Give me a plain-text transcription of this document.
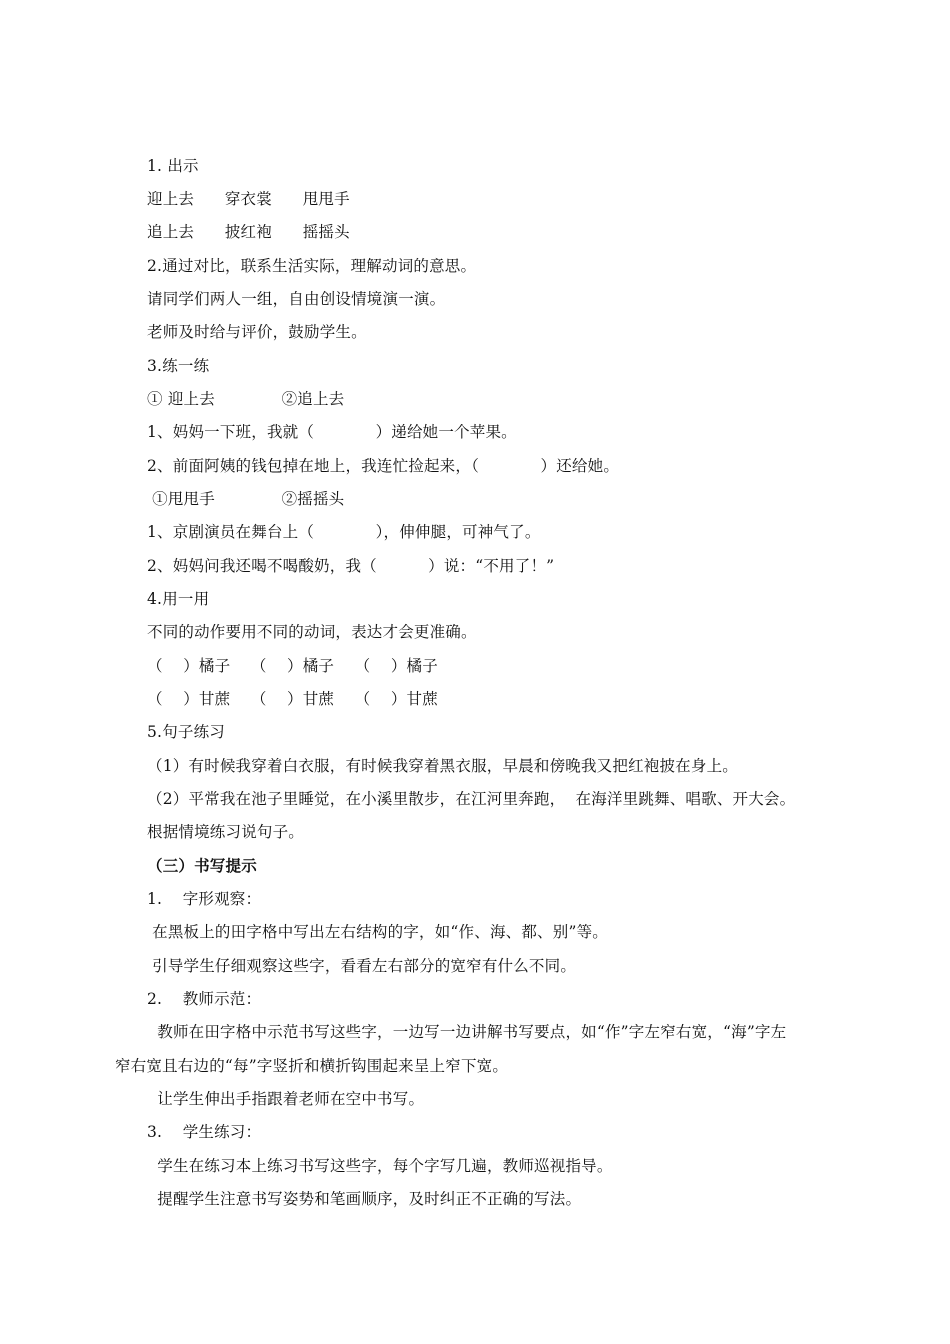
1. 出示
迎上去      穿衣裳      甩甩手
追上去      披红袍      摇摇头
2.通过对比，联系生活实际，理解动词的意思。
请同学们两人一组，自由创设情境演一演。
老师及时给与评价，鼓励学生。
3.练一练
① 迎上去             ②追上去
1、妈妈一下班，我就（            ）递给她一个苹果。
2、前面阿姨的钱包掉在地上，我连忙捡起来，（            ）还给她。
①甩甩手             ②摇摇头
1、京剧演员在舞台上（            ），伸伸腿，可神气了。
2、妈妈问我还喝不喝酸奶，我（          ）说：“不用了！”
4.用一用
不同的动作要用不同的动词，表达才会更准确。
（    ）橘子    （    ）橘子    （    ）橘子
（    ）甘蔗    （    ）甘蔗    （    ）甘蔗
5.句子练习
（1）有时候我穿着白衣服，有时候我穿着黑衣服，早晨和傍晚我又把红袍披在身上。
（2）平常我在池子里睡觉，在小溪里散步，在江河里奔跑，  在海洋里跳舞、唱歌、开大会。
根据情境练习说句子。
（三）书写提示
1.    字形观察：
在黑板上的田字格中写出左右结构的字，如“作、海、都、别”等。
引导学生仔细观察这些字，看看左右部分的宽窄有什么不同。
2.    教师示范：
教师在田字格中示范书写这些字，一边写一边讲解书写要点，如“作”字左窄右宽，“海”字左
窄右宽且右边的“每”字竖折和横折钩围起来呈上窄下宽。
让学生伸出手指跟着老师在空中书写。
3.    学生练习：
学生在练习本上练习书写这些字，每个字写几遍，教师巡视指导。
提醒学生注意书写姿势和笔画顺序，及时纠正不正确的写法。
